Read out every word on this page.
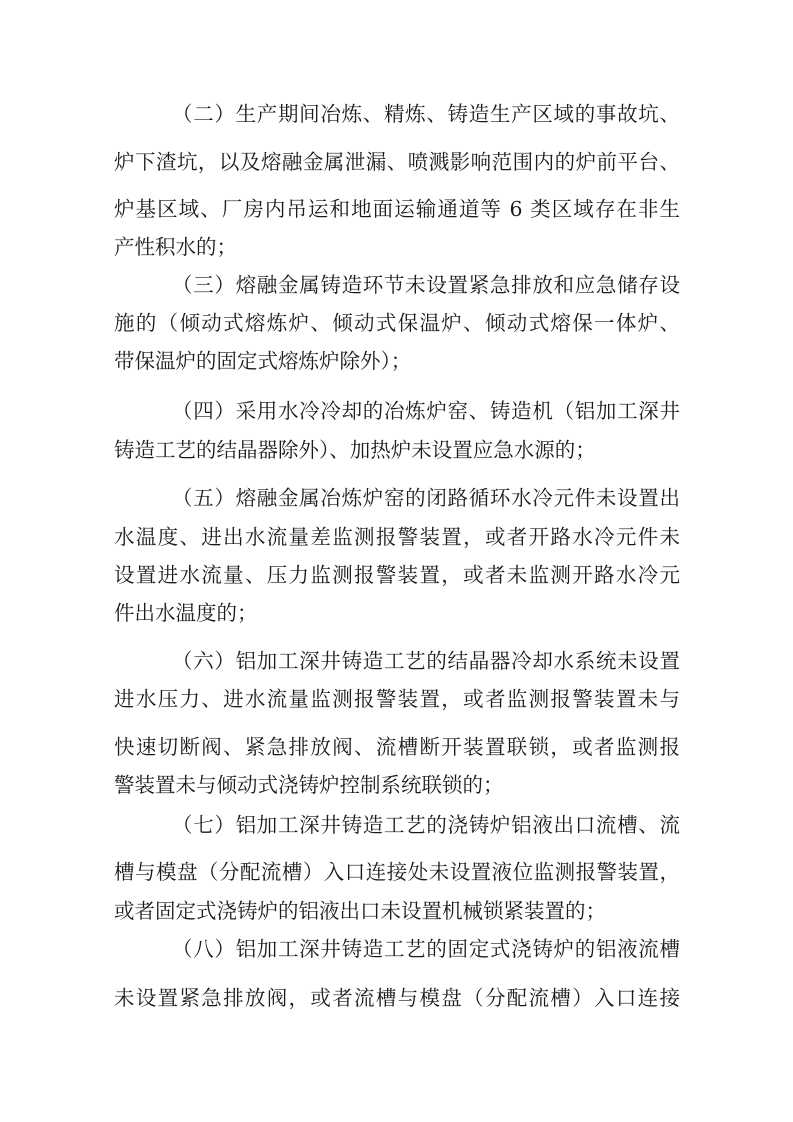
（二）生产期间冶炼、精炼、铸造生产区域的事故坑、
炉下渣坑，以及熔融金属泄漏、喷溅影响范围内的炉前平台、
炉基区域、厂房内吊运和地面运输通道等 6 类区域存在非生
产性积水的；
（三）熔融金属铸造环节未设置紧急排放和应急储存设
施的（倾动式熔炼炉、倾动式保温炉、倾动式熔保一体炉、
带保温炉的固定式熔炼炉除外）；
（四）采用水冷冷却的冶炼炉窑、铸造机（铝加工深井
铸造工艺的结晶器除外）、加热炉未设置应急水源的；
（五）熔融金属冶炼炉窑的闭路循环水冷元件未设置出
水温度、进出水流量差监测报警装置，或者开路水冷元件未
设置进水流量、压力监测报警装置，或者未监测开路水冷元
件出水温度的；
（六）铝加工深井铸造工艺的结晶器冷却水系统未设置
进水压力、进水流量监测报警装置，或者监测报警装置未与
快速切断阀、紧急排放阀、流槽断开装置联锁，或者监测报
警装置未与倾动式浇铸炉控制系统联锁的；
（七）铝加工深井铸造工艺的浇铸炉铝液出口流槽、流
槽与模盘（分配流槽）入口连接处未设置液位监测报警装置，
或者固定式浇铸炉的铝液出口未设置机械锁紧装置的；
（八）铝加工深井铸造工艺的固定式浇铸炉的铝液流槽
未设置紧急排放阀，或者流槽与模盘（分配流槽）入口连接
